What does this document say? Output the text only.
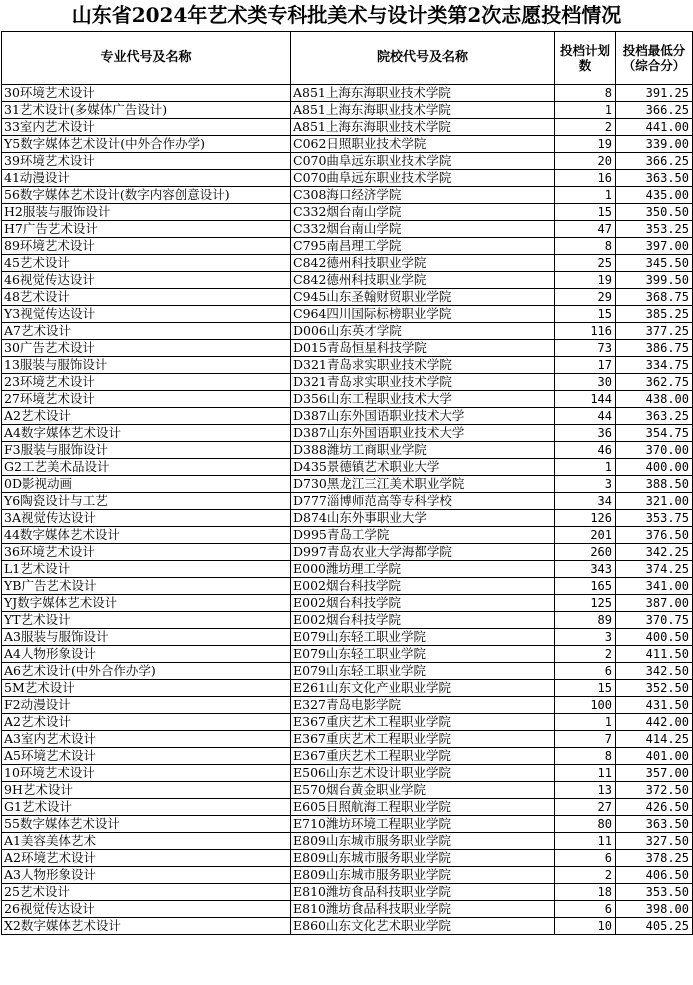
山东省2024年艺术类专科批美术与设计类第2次志愿投档情况
专业代号及名称	院校代号及名称	投档计划数	投档最低分（综合分）
30环境艺术设计	A851上海东海职业技术学院	8	391.25
31艺术设计(多媒体广告设计)	A851上海东海职业技术学院	1	366.25
33室内艺术设计	A851上海东海职业技术学院	2	441.00
Y5数字媒体艺术设计(中外合作办学)	C062日照职业技术学院	19	339.00
39环境艺术设计	C070曲阜远东职业技术学院	20	366.25
41动漫设计	C070曲阜远东职业技术学院	16	363.50
56数字媒体艺术设计(数字内容创意设计)	C308海口经济学院	1	435.00
H2服装与服饰设计	C332烟台南山学院	15	350.50
H7广告艺术设计	C332烟台南山学院	47	353.25
89环境艺术设计	C795南昌理工学院	8	397.00
45艺术设计	C842德州科技职业学院	25	345.50
46视觉传达设计	C842德州科技职业学院	19	399.50
48艺术设计	C945山东圣翰财贸职业学院	29	368.75
Y3视觉传达设计	C964四川国际标榜职业学院	15	385.25
A7艺术设计	D006山东英才学院	116	377.25
30广告艺术设计	D015青岛恒星科技学院	73	386.75
13服装与服饰设计	D321青岛求实职业技术学院	17	334.75
23环境艺术设计	D321青岛求实职业技术学院	30	362.75
27环境艺术设计	D356山东工程职业技术大学	144	438.00
A2艺术设计	D387山东外国语职业技术大学	44	363.25
A4数字媒体艺术设计	D387山东外国语职业技术大学	36	354.75
F3服装与服饰设计	D388潍坊工商职业学院	46	370.00
G2工艺美术品设计	D435景德镇艺术职业大学	1	400.00
0D影视动画	D730黑龙江三江美术职业学院	3	388.50
Y6陶瓷设计与工艺	D777淄博师范高等专科学校	34	321.00
3A视觉传达设计	D874山东外事职业大学	126	353.75
44数字媒体艺术设计	D995青岛工学院	201	376.50
36环境艺术设计	D997青岛农业大学海都学院	260	342.25
L1艺术设计	E000潍坊理工学院	343	374.25
YB广告艺术设计	E002烟台科技学院	165	341.00
YJ数字媒体艺术设计	E002烟台科技学院	125	387.00
YT艺术设计	E002烟台科技学院	89	370.75
A3服装与服饰设计	E079山东轻工职业学院	3	400.50
A4人物形象设计	E079山东轻工职业学院	2	411.50
A6艺术设计(中外合作办学)	E079山东轻工职业学院	6	342.50
5M艺术设计	E261山东文化产业职业学院	15	352.50
F2动漫设计	E327青岛电影学院	100	431.50
A2艺术设计	E367重庆艺术工程职业学院	1	442.00
A3室内艺术设计	E367重庆艺术工程职业学院	7	414.25
A5环境艺术设计	E367重庆艺术工程职业学院	8	401.00
10环境艺术设计	E506山东艺术设计职业学院	11	357.00
9H艺术设计	E570烟台黄金职业学院	13	372.50
G1艺术设计	E605日照航海工程职业学院	27	426.50
55数字媒体艺术设计	E710潍坊环境工程职业学院	80	363.50
A1美容美体艺术	E809山东城市服务职业学院	11	327.50
A2环境艺术设计	E809山东城市服务职业学院	6	378.25
A3人物形象设计	E809山东城市服务职业学院	2	406.50
25艺术设计	E810潍坊食品科技职业学院	18	353.50
26视觉传达设计	E810潍坊食品科技职业学院	6	398.00
X2数字媒体艺术设计	E860山东文化艺术职业学院	10	405.25
